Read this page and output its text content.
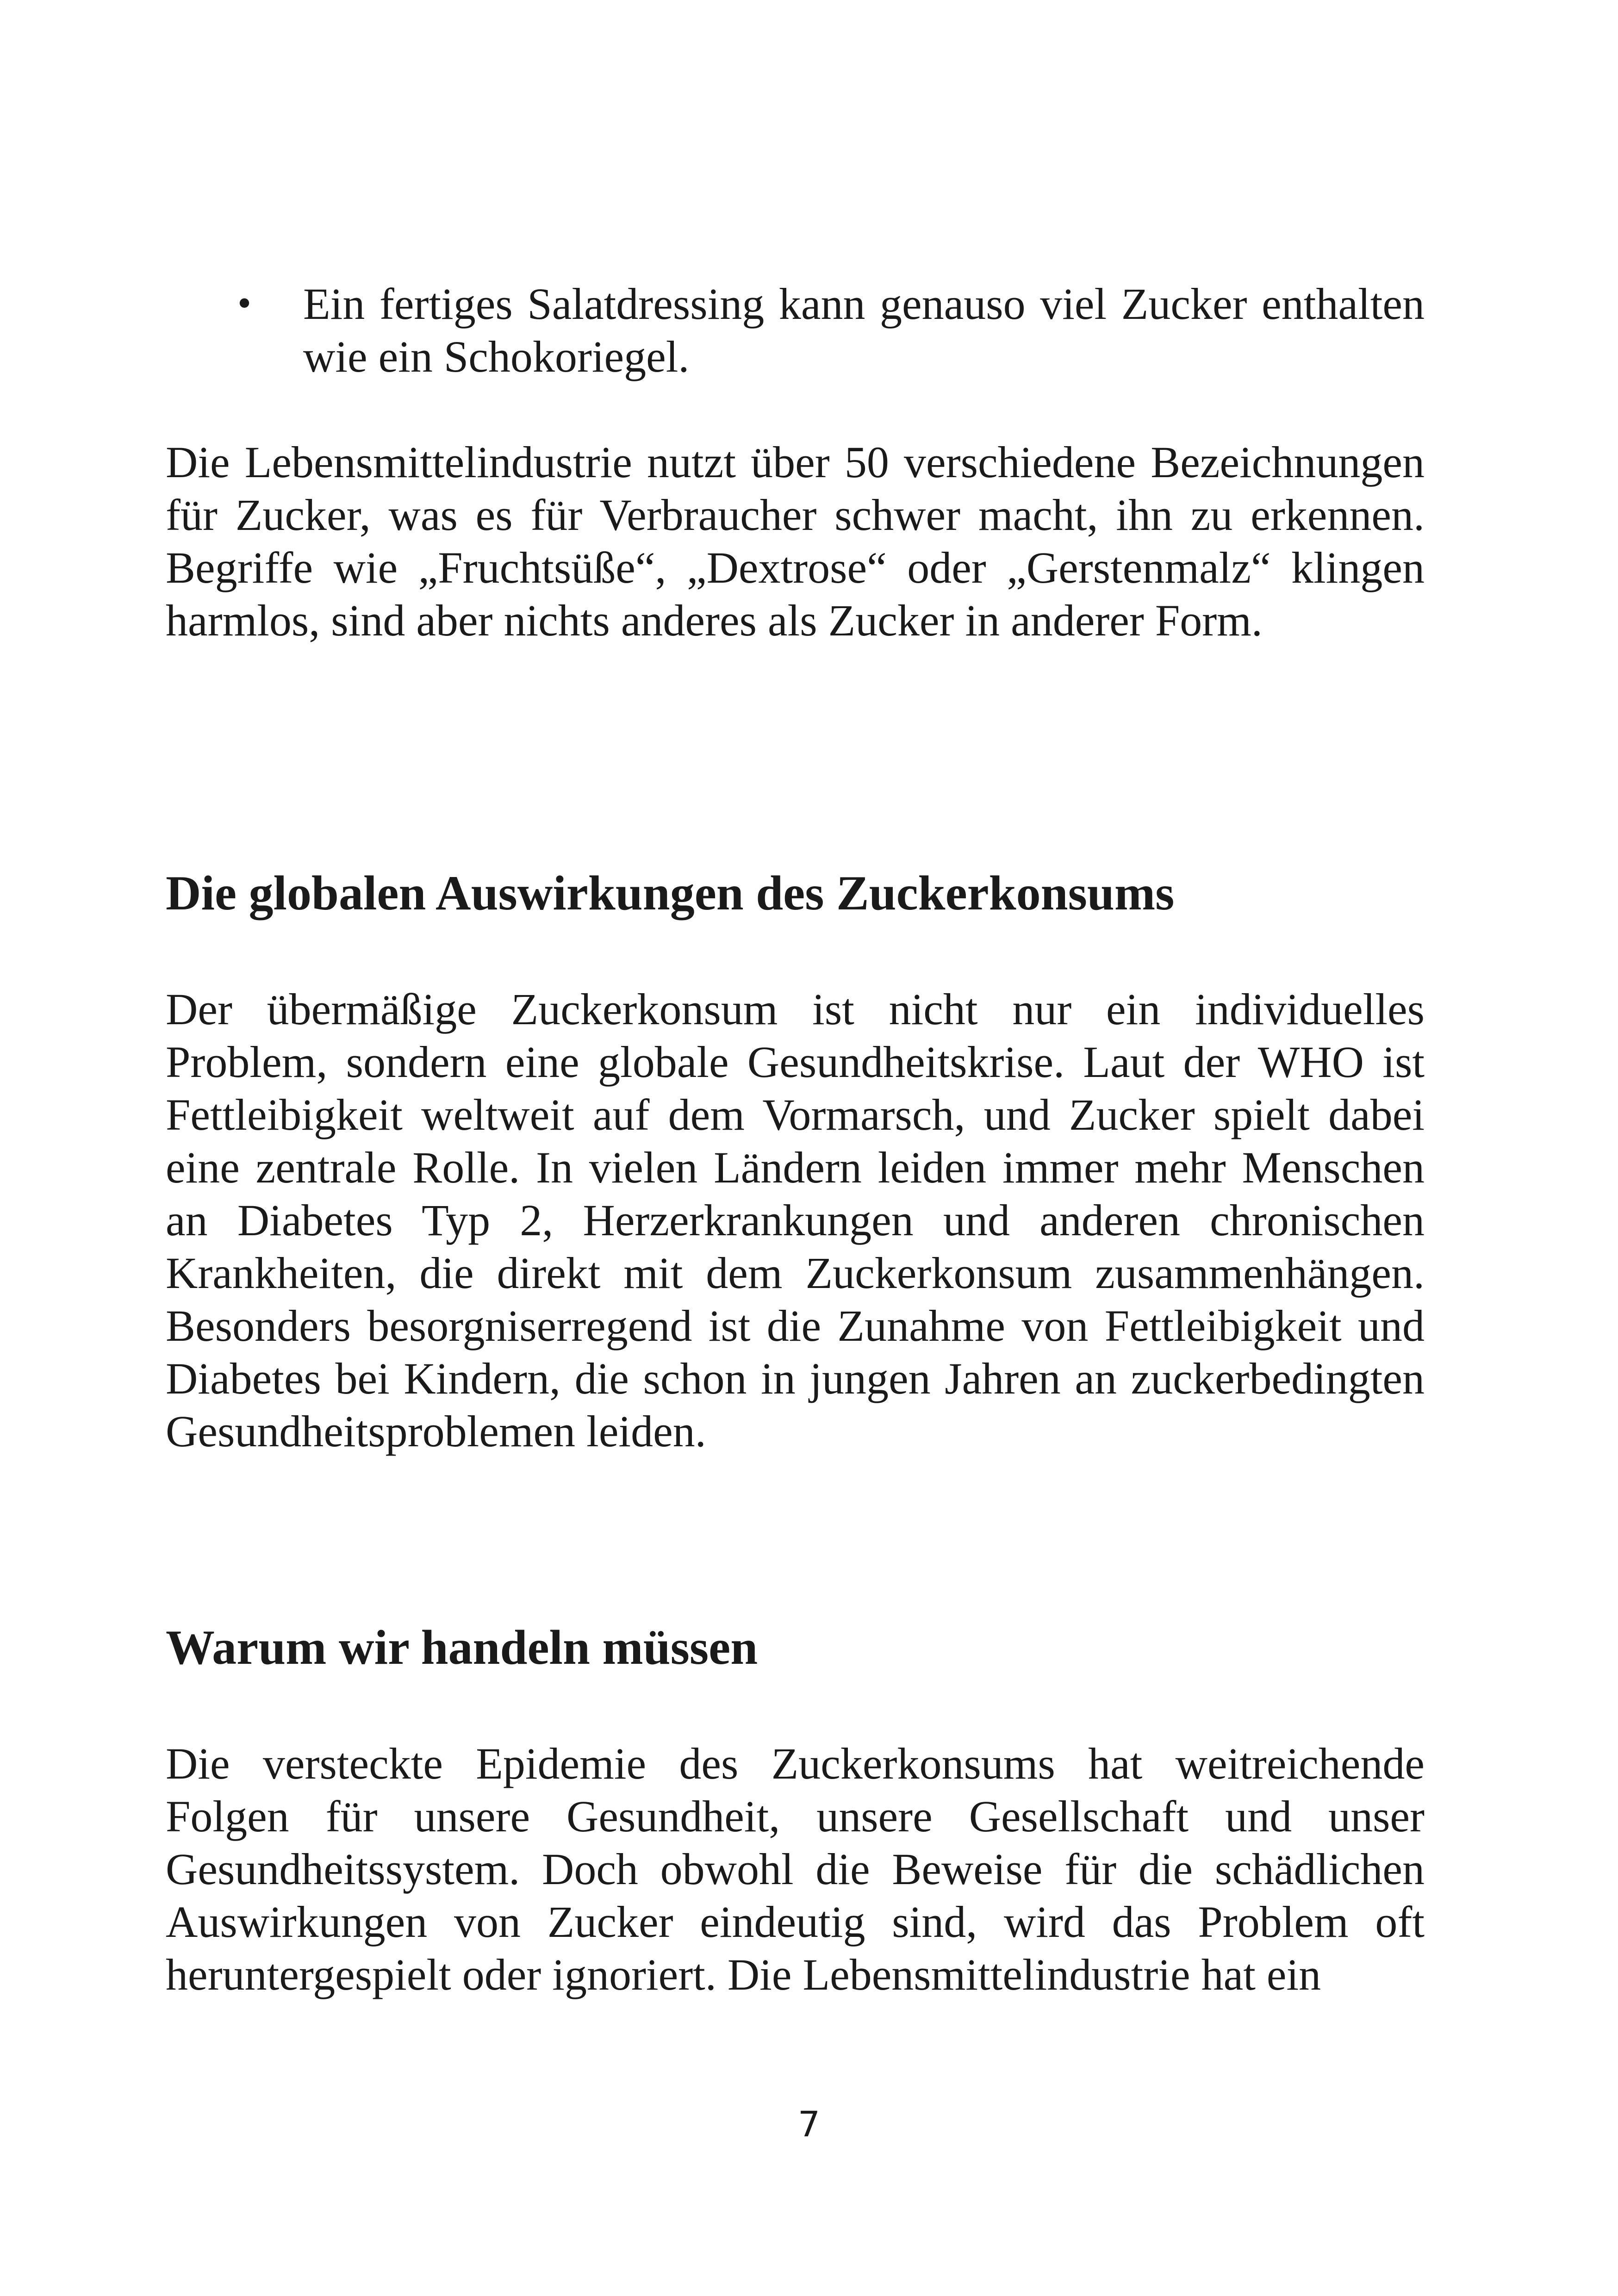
• Ein fertiges Salatdressing kann genauso viel Zucker enthalten wie ein Schokoriegel.

Die Lebensmittelindustrie nutzt über 50 verschiedene Bezeichnungen für Zucker, was es für Verbraucher schwer macht, ihn zu erkennen. Begriffe wie „Fruchtsüße“, „Dextrose“ oder „Gerstenmalz“ klingen harmlos, sind aber nichts anderes als Zucker in anderer Form.

Die globalen Auswirkungen des Zuckerkonsums

Der übermäßige Zuckerkonsum ist nicht nur ein individuelles Problem, sondern eine globale Gesundheitskrise. Laut der WHO ist Fettleibigkeit weltweit auf dem Vormarsch, und Zucker spielt dabei eine zentrale Rolle. In vielen Ländern leiden immer mehr Menschen an Diabetes Typ 2, Herzerkrankungen und anderen chronischen Krankheiten, die direkt mit dem Zuckerkonsum zusammenhängen. Besonders besorgniserregend ist die Zunahme von Fettleibigkeit und Diabetes bei Kindern, die schon in jungen Jahren an zuckerbedingten Gesundheitsproblemen leiden.

Warum wir handeln müssen

Die versteckte Epidemie des Zuckerkonsums hat weitreichende Folgen für unsere Gesundheit, unsere Gesellschaft und unser Gesundheitssystem. Doch obwohl die Beweise für die schädlichen Auswirkungen von Zucker eindeutig sind, wird das Problem oft heruntergespielt oder ignoriert. Die Lebensmittelindustrie hat ein

7
